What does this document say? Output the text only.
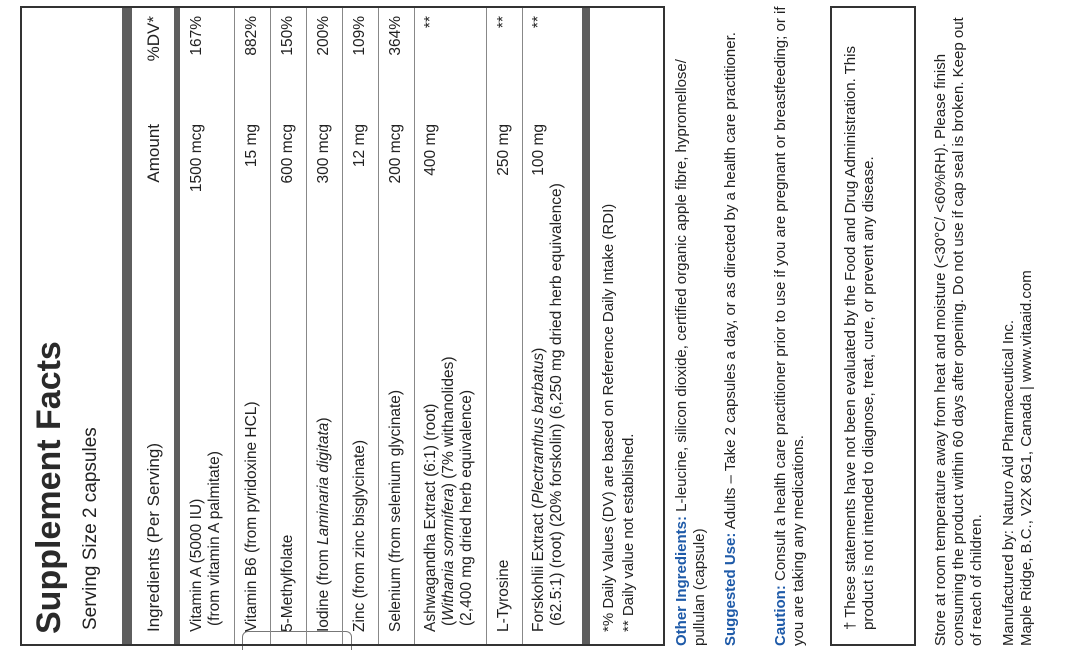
Supplement Facts Serving Size 2 capsules	Ingredients (Per Serving)
Amount
%DV*
Vitamin A (5000 IU) (from vitamin A palmitate)
1500 mcg
167%
Vitamin B6 (from pyridoxine HCL)
15 mg
882%
5-Methylfolate
600 mcg
150%
Iodine (from Laminaria digitata)
300 mcg
200%
Zinc (from zinc bisglycinate)
12 mg
109%
Selenium (from selenium glycinate)
200 mcg
364%
Ashwagandha Extract (6:1) (root) (Withania somnifera) (7% withanolides) (2,400 mg dried herb equivalence)
400 mg
**
L-Tyrosine
250 mg
**
Forskohlii Extract (Plectranthus barbatus) (62.5:1) (root) (20% forskolin) (6,250 mg dried herb equivalence)
100 mg
**
*% Daily Values (DV) are based on Reference Daily Intake (RDI) ** Daily value not established. Other Ingredients: L-leucine, silicon dioxide, certified organic apple fibre, hypromellose/ pullulan (capsule) Suggested Use: Adults – Take 2 capsules a day, or as directed by a health care practitioner.
Caution: Consult a health care practitioner prior to use if you are pregnant or breastfeeding; or if you are taking any medications. † These statements have not been evaluated by the Food and Drug Administration. This product is not intended to diagnose, treat, cure, or prevent any disease.	Store at room temperature away from heat and moisture (<30°C/ <60%RH). Please finish consuming the product within 60 days after opening. Do not use if cap seal is broken. Keep out of reach of children. Manufactured by: Naturo Aid Pharmaceutical Inc. Maple Ridge, B.C., V2X 8G1, Canada | www.vitaaid.com
